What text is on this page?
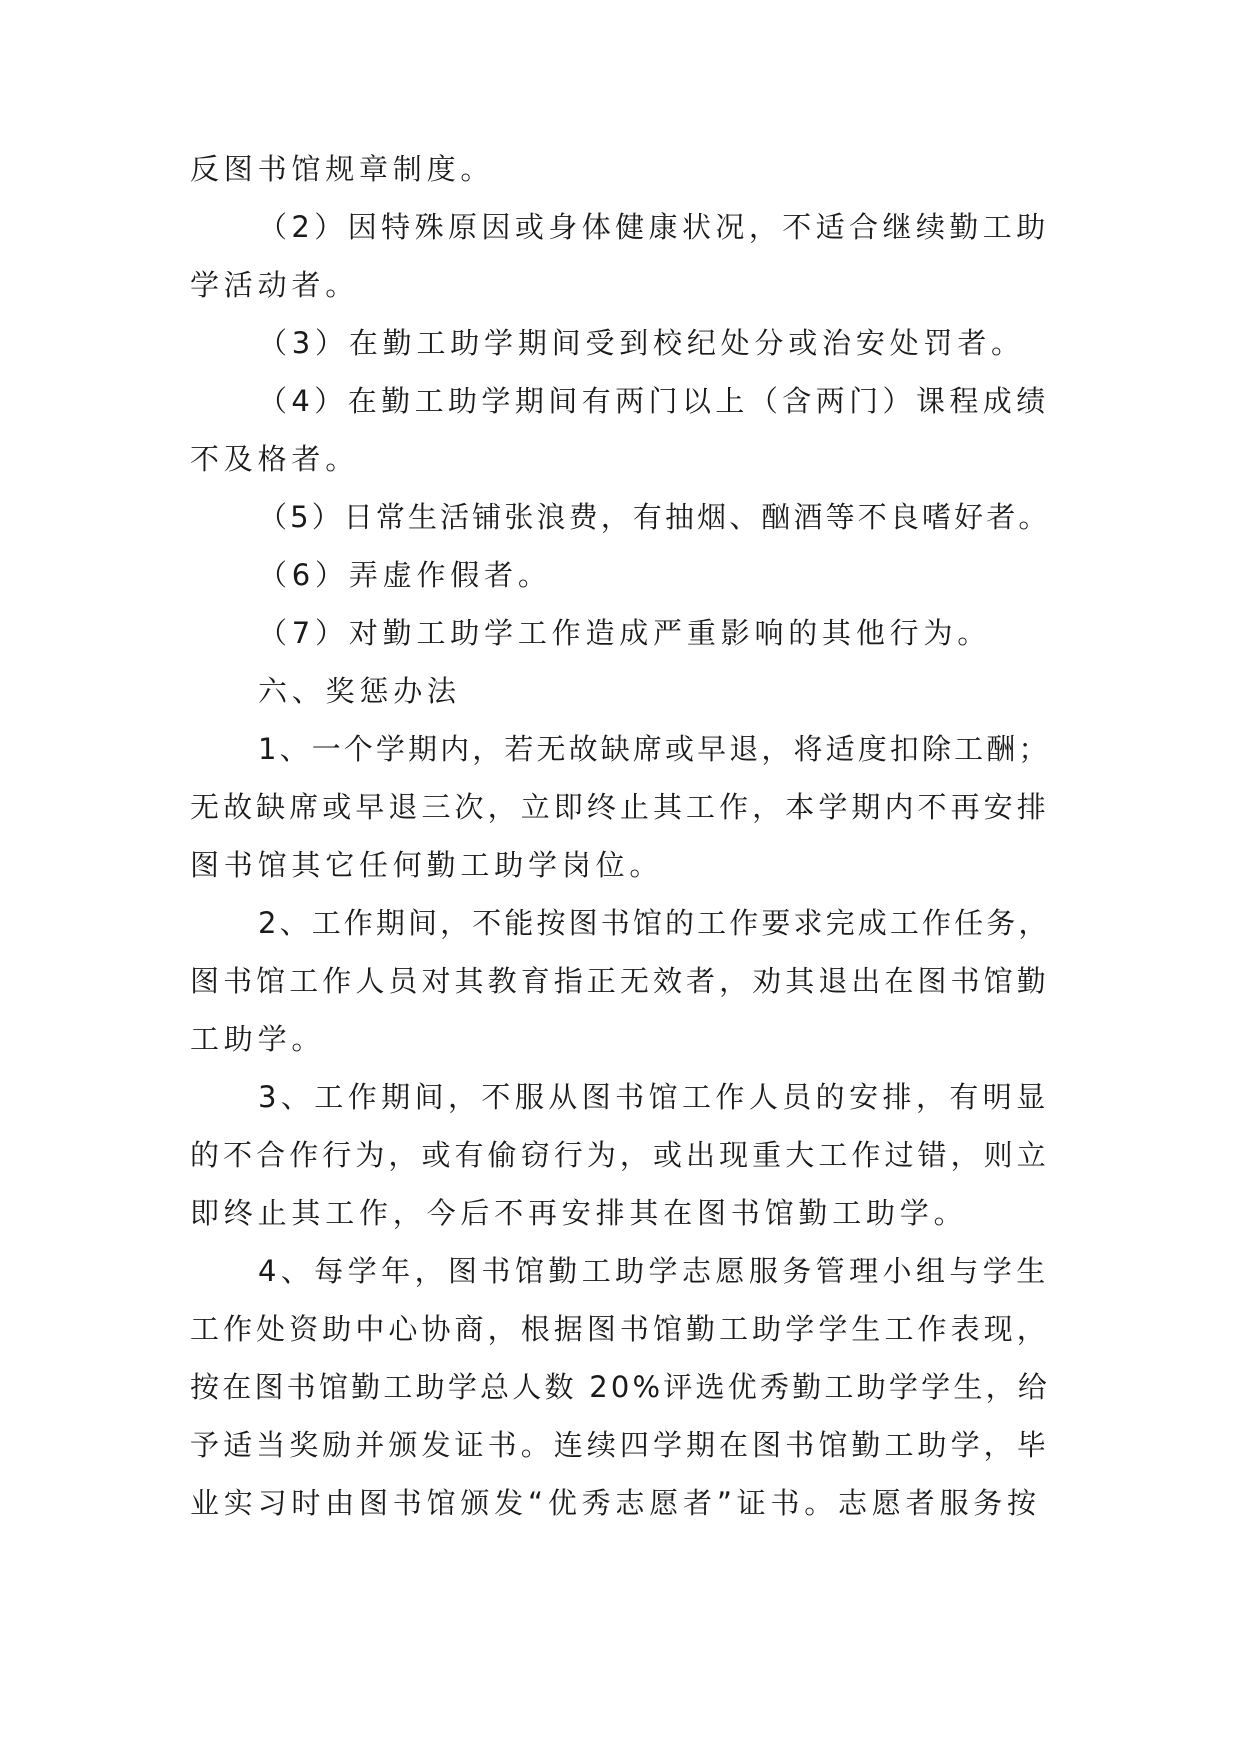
反图书馆规章制度。
（2）因特殊原因或身体健康状况，不适合继续勤工助
学活动者。
（3）在勤工助学期间受到校纪处分或治安处罚者。
（4）在勤工助学期间有两门以上（含两门）课程成绩
不及格者。
（5）日常生活铺张浪费，有抽烟、酗酒等不良嗜好者。
（6）弄虚作假者。
（7）对勤工助学工作造成严重影响的其他行为。
六、奖惩办法
1、一个学期内，若无故缺席或早退，将适度扣除工酬；
无故缺席或早退三次，立即终止其工作，本学期内不再安排
图书馆其它任何勤工助学岗位。
2、工作期间，不能按图书馆的工作要求完成工作任务，
图书馆工作人员对其教育指正无效者，劝其退出在图书馆勤
工助学。
3、工作期间，不服从图书馆工作人员的安排，有明显
的不合作行为，或有偷窃行为，或出现重大工作过错，则立
即终止其工作，今后不再安排其在图书馆勤工助学。
4、每学年，图书馆勤工助学志愿服务管理小组与学生
工作处资助中心协商，根据图书馆勤工助学学生工作表现，
按在图书馆勤工助学总人数 20%评选优秀勤工助学学生，给
予适当奖励并颁发证书。连续四学期在图书馆勤工助学，毕
业实习时由图书馆颁发“优秀志愿者”证书。志愿者服务按
